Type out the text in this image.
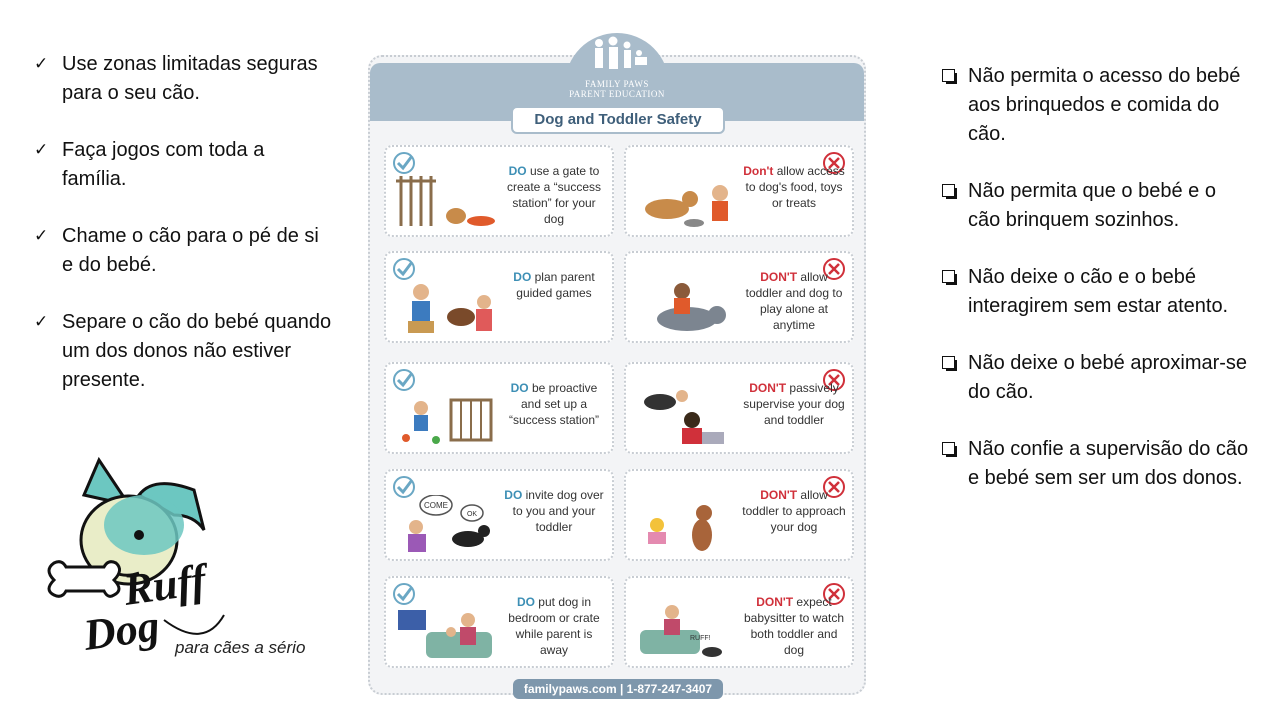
✓ Use zonas limitadas seguras para o seu cão.
✓ Faça jogos com toda a família.
✓ Chame o cão para o pé de si e do bebé.
✓ Separe o cão do bebé quando um dos donos não estiver presente.
Não permita o acesso do bebé aos brinquedos e comida do cão.
Não permita que o bebé e o cão brinquem sozinhos.
Não deixe o cão e o bebé interagirem sem estar atento.
Não deixe o bebé aproximar-se do cão.
Não confie a supervisão do cão e bebé sem ser um dos donos.
Ruff
Dog para cães a sério
FAMILY PAWS
PARENT EDUCATION
Dog and Toddler Safety
DO use a gate to create a “success station” for your dog
DO plan parent guided games
DO be proactive and set up a “success station”
COME
OK
DO invite dog over to you and your toddler
DO put dog in bedroom or crate while parent is away
Don't allow access to dog's food, toys or treats
DON'T allow toddler and dog to play alone at anytime
DON'T passively supervise your dog and toddler
DON'T allow toddler to approach your dog
RUFF!
DON'T expect babysitter to watch both toddler and dog
familypaws.com | 1-877-247-3407
